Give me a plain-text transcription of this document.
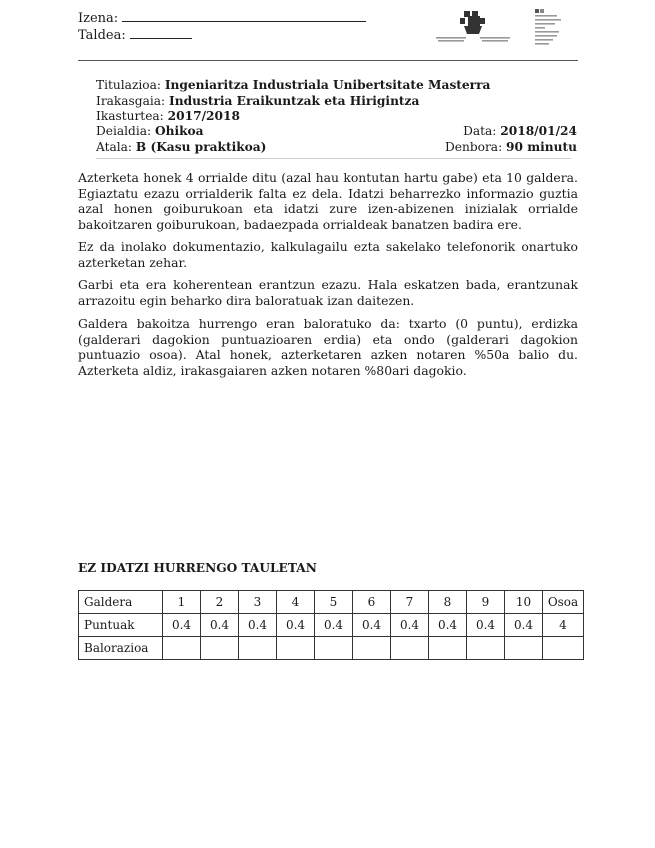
Izena:
Taldea:
Titulazioa: Ingeniaritza Industriala Unibertsitate Masterra
Irakasgaia: Industria Eraikuntzak eta Hirigintza
Ikasturtea: 2017/2018
Deialdia: Ohikoa
Atala: B (Kasu praktikoa)
Data: 2018/01/24
Denbora: 90 minutu

Azterketa honek 4 orrialde ditu (azal hau kontutan hartu gabe) eta 10 galdera. Egiaztatu ezazu orrialderik falta ez dela. Idatzi beharrezko informazio guztia azal honen goiburukoan eta idatzi zure izen-abizenen inizialak orrialde bakoitzaren goiburukoan, badaezpada orrialdeak banatzen badira ere.

Ez da inolako dokumentazio, kalkulagailu ezta sakelako telefonorik onartuko azterketan zehar.

Garbi eta era koherentean erantzun ezazu. Hala eskatzen bada, erantzunak arrazoitu egin beharko dira baloratuak izan daitezen.

Galdera bakoitza hurrengo eran baloratuko da: txarto (0 puntu), erdizka (galderari dagokion puntuazioaren erdia) eta ondo (galderari dagokion puntuazio osoa). Atal honek, azterketaren azken notaren %50a balio du. Azterketa aldiz, irakasgaiaren azken notaren %80ari dagokio.

EZ IDATZI HURRENGO TAULETAN
Galdera	1	2	3	4	5	6	7	8	9	10	Osoa
Puntuak	0.4	0.4	0.4	0.4	0.4	0.4	0.4	0.4	0.4	0.4	4
Balorazioa											
